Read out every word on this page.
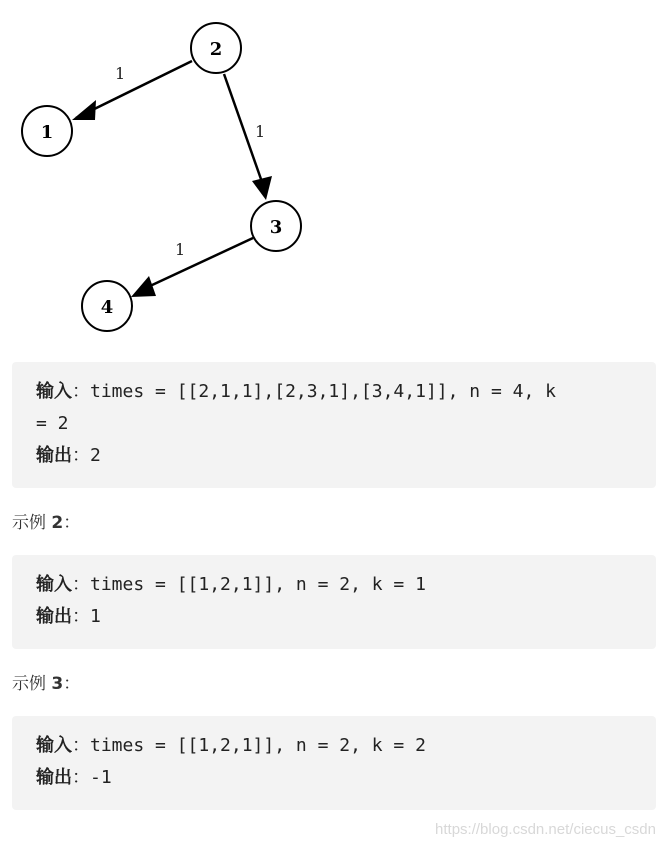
1
1
1
2
1
3
4
输入：times = [[2,1,1],[2,3,1],[3,4,1]], n = 4, k
= 2
输出：2
示例 2：
输入：times = [[1,2,1]], n = 2, k = 1
输出：1
示例 3：
输入：times = [[1,2,1]], n = 2, k = 2
输出：-1
https://blog.csdn.net/ciecus_csdn
